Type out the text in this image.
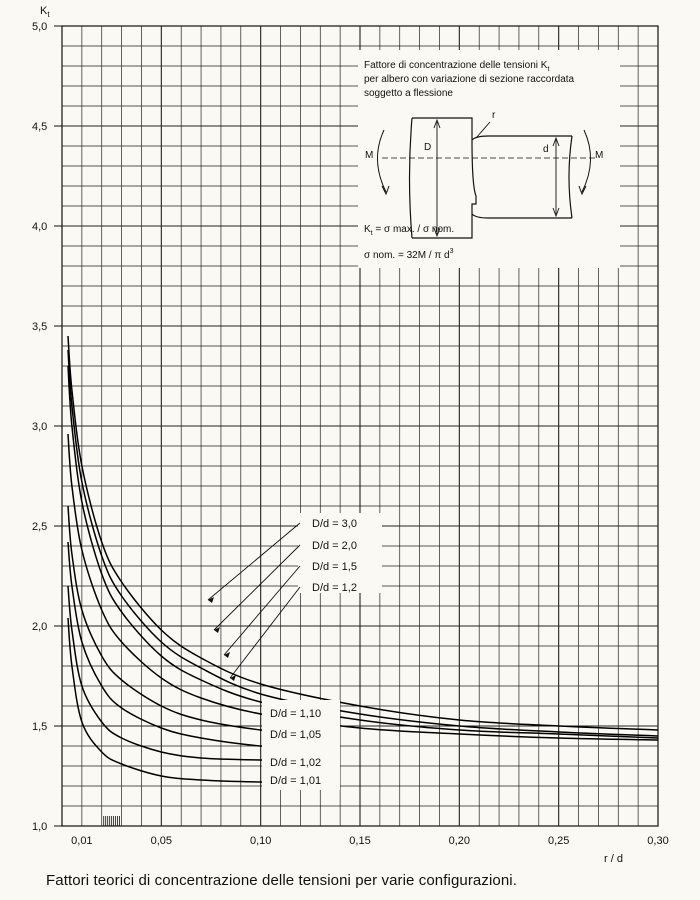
0,01	0,05	0,10	0,15	0,20	0,25	0,30
1,0
1,5
2,0
2,5
3,0
3,5
4,0
4,5
5,0
$K_t$
r / d
D/d = 3,0
D/d = 2,0
D/d = 1,5
D/d = 1,2
D/d = 1,10
D/d = 1,05
D/d = 1,02
D/d = 1,01
Fattore di concentrazione delle tensioni $K_t$
per albero con variazione di sezione raccordata
soggetto a flessione
r
D	d
M	M
$K_t = \sigma$ max. / σ nom.
σ nom. = 32M / π $d^3$
Fattori teorici di concentrazione delle tensioni per varie configurazioni.
